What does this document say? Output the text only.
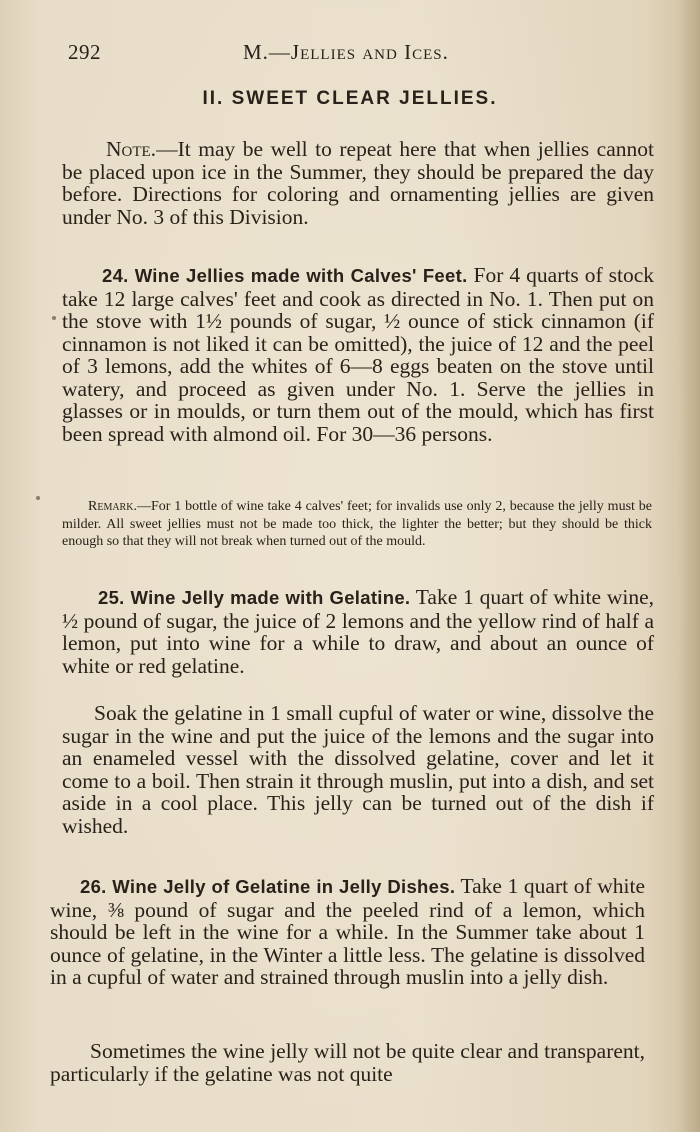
292	M.—Jellies and Ices.
II. SWEET CLEAR JELLIES.
Note.—It may be well to repeat here that when jellies cannot be placed upon ice in the Summer, they should be prepared the day before. Directions for coloring and ornamenting jellies are given under No. 3 of this Division.
24. Wine Jellies made with Calves' Feet. For 4 quarts of stock take 12 large calves' feet and cook as directed in No. 1. Then put on the stove with 1½ pounds of sugar, ½ ounce of stick cinnamon (if cinnamon is not liked it can be omitted), the juice of 12 and the peel of 3 lemons, add the whites of 6—8 eggs beaten on the stove until watery, and proceed as given under No. 1. Serve the jellies in glasses or in moulds, or turn them out of the mould, which has first been spread with almond oil. For 30—36 persons.
Remark.—For 1 bottle of wine take 4 calves' feet; for invalids use only 2, because the jelly must be milder. All sweet jellies must not be made too thick, the lighter the better; but they should be thick enough so that they will not break when turned out of the mould.
25. Wine Jelly made with Gelatine. Take 1 quart of white wine, ½ pound of sugar, the juice of 2 lemons and the yellow rind of half a lemon, put into wine for a while to draw, and about an ounce of white or red gelatine.
Soak the gelatine in 1 small cupful of water or wine, dissolve the sugar in the wine and put the juice of the lemons and the sugar into an enameled vessel with the dissolved gelatine, cover and let it come to a boil. Then strain it through muslin, put into a dish, and set aside in a cool place. This jelly can be turned out of the dish if wished.
26. Wine Jelly of Gelatine in Jelly Dishes. Take 1 quart of white wine, ⅜ pound of sugar and the peeled rind of a lemon, which should be left in the wine for a while. In the Summer take about 1 ounce of gelatine, in the Winter a little less. The gelatine is dissolved in a cupful of water and strained through muslin into a jelly dish.
Sometimes the wine jelly will not be quite clear and transparent, particularly if the gelatine was not quite
